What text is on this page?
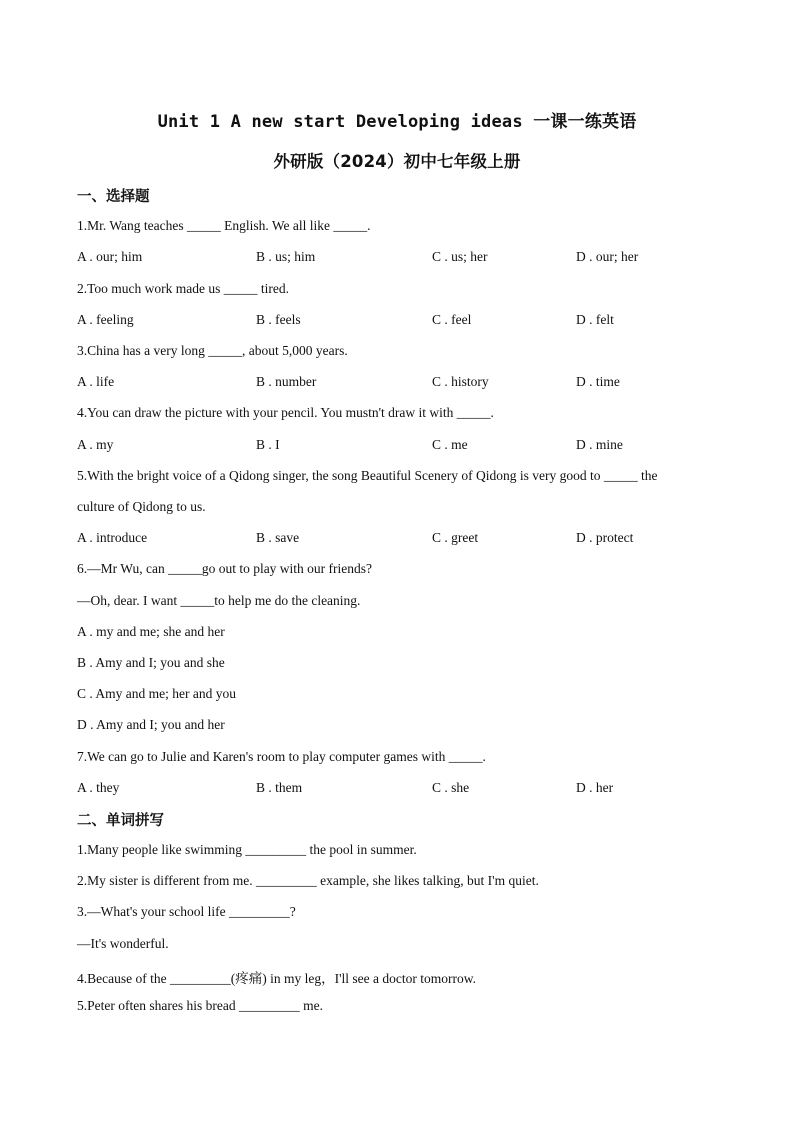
Unit 1 A new start Developing ideas 一课一练英语
外研版（2024）初中七年级上册
一、选择题
1.Mr. Wang teaches _____ English. We all like _____.
A . our; him	B . us; him	C . us; her	D . our; her
2.Too much work made us _____ tired.
A . feeling	B . feels	C . feel	D . felt
3.China has a very long _____, about 5,000 years.
A . life	B . number	C . history	D . time
4.You can draw the picture with your pencil. You mustn't draw it with _____.
A . my	B . I	C . me	D . mine
5.With the bright voice of a Qidong singer, the song Beautiful Scenery of Qidong is very good to _____ the
culture of Qidong to us.
A . introduce	B . save	C . greet	D . protect
6.—Mr Wu, can _____go out to play with our friends?
—Oh, dear. I want _____to help me do the cleaning.
A . my and me; she and her
B . Amy and I; you and she
C . Amy and me; her and you
D . Amy and I; you and her
7.We can go to Julie and Karen's room to play computer games with _____.
A . they	B . them	C . she	D . her
二、单词拼写
1.Many people like swimming _________ the pool in summer.
2.My sister is different from me. _________ example, she likes talking, but I'm quiet.
3.—What's your school life _________?
—It's wonderful.
4.Because of the _________(疼痛) in my leg，I'll see a doctor tomorrow.
5.Peter often shares his bread _________ me.
